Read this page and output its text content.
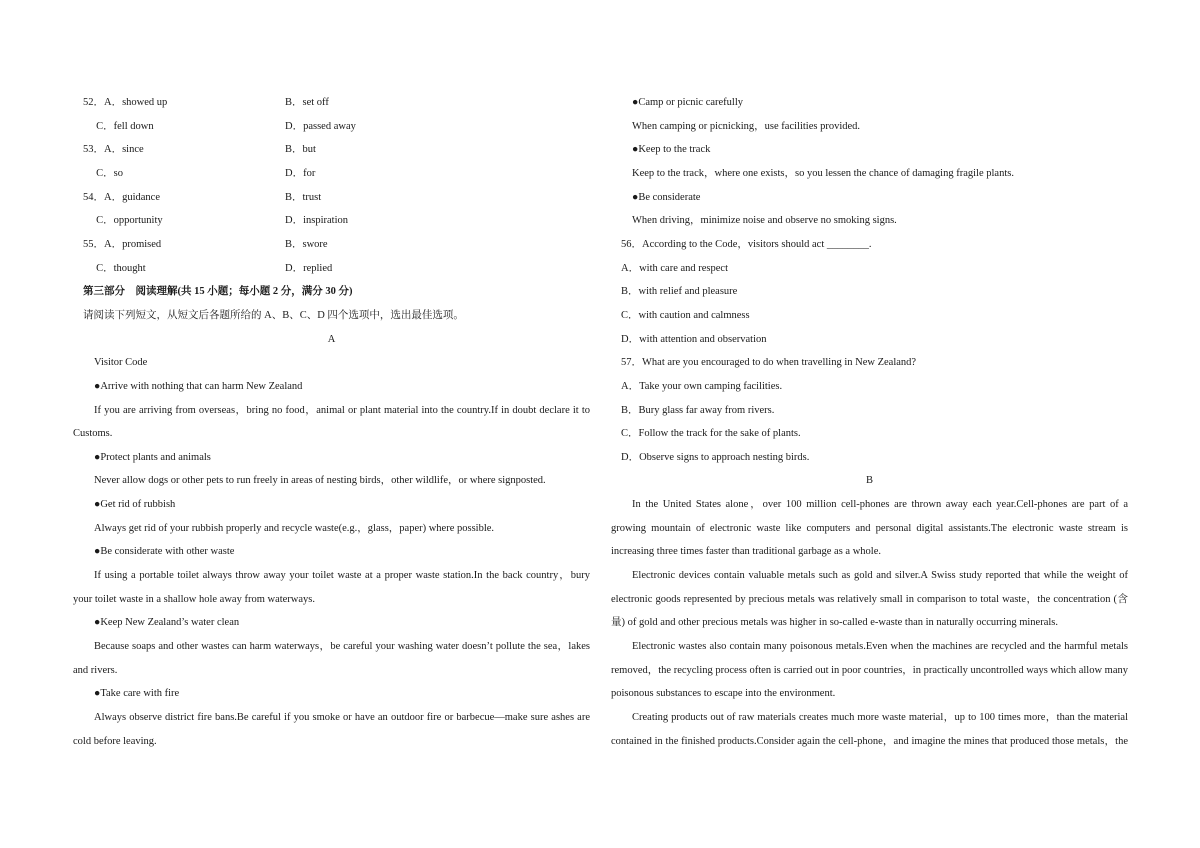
52．A．showed up	B．set off
　 C．fell down	D．passed away
53．A．since	B．but
　 C．so	D．for
54．A．guidance	B．trust
　 C．opportunity	D．inspiration
55．A．promised	B．swore
　 C．thought	D．replied
第三部分　阅读理解(共 15 小题；每小题 2 分，满分 30 分)
请阅读下列短文，从短文后各题所给的 A、B、C、D 四个选项中，选出最佳选项。
A
Visitor Code
●Arrive with nothing that can harm New Zealand
If you are arriving from overseas，bring no food，animal or plant material into the country.If in doubt declare it to
Customs.
●Protect plants and animals
Never allow dogs or other pets to run freely in areas of nesting birds，other wildlife，or where signposted.
●Get rid of rubbish
Always get rid of your rubbish properly and recycle waste(e.g.，glass，paper) where possible.
●Be considerate with other waste
If using a portable toilet always throw away your toilet waste at a proper waste station.In the back country，bury
your toilet waste in a shallow hole away from waterways.
●Keep New Zealand’s water clean
Because soaps and other wastes can harm waterways，be careful your washing water doesn’t pollute the sea，lakes
and rivers.
●Take care with fire
Always observe district fire bans.Be careful if you smoke or have an outdoor fire or barbecue—make sure ashes are
cold before leaving.
●Camp or picnic carefully
When camping or picnicking，use facilities provided.
●Keep to the track
Keep to the track，where one exists，so you lessen the chance of damaging fragile plants.
●Be considerate
When driving，minimize noise and observe no smoking signs.
56．According to the Code，visitors should act ________.
A．with care and respect
B．with relief and pleasure
C．with caution and calmness
D．with attention and observation
57．What are you encouraged to do when travelling in New Zealand?
A．Take your own camping facilities.
B．Bury glass far away from rivers.
C．Follow the track for the sake of plants.
D．Observe signs to approach nesting birds.
B
In the United States alone，over 100 million cell-phones are thrown away each year.Cell-phones are part of a
growing mountain of electronic waste like computers and personal digital assistants.The electronic waste stream is
increasing three times faster than traditional garbage as a whole.
Electronic devices contain valuable metals such as gold and silver.A Swiss study reported that while the weight of
electronic goods represented by precious metals was relatively small in comparison to total waste，the concentration (含
量) of gold and other precious metals was higher in so-called e-waste than in naturally occurring minerals.
Electronic wastes also contain many poisonous metals.Even when the machines are recycled and the harmful metals
removed，the recycling process often is carried out in poor countries，in practically uncontrolled ways which allow many
poisonous substances to escape into the environment.
Creating products out of raw materials creates much more waste material，up to 100 times more，than the material
contained in the finished products.Consider again the cell-phone，and imagine the mines that produced those metals，the
